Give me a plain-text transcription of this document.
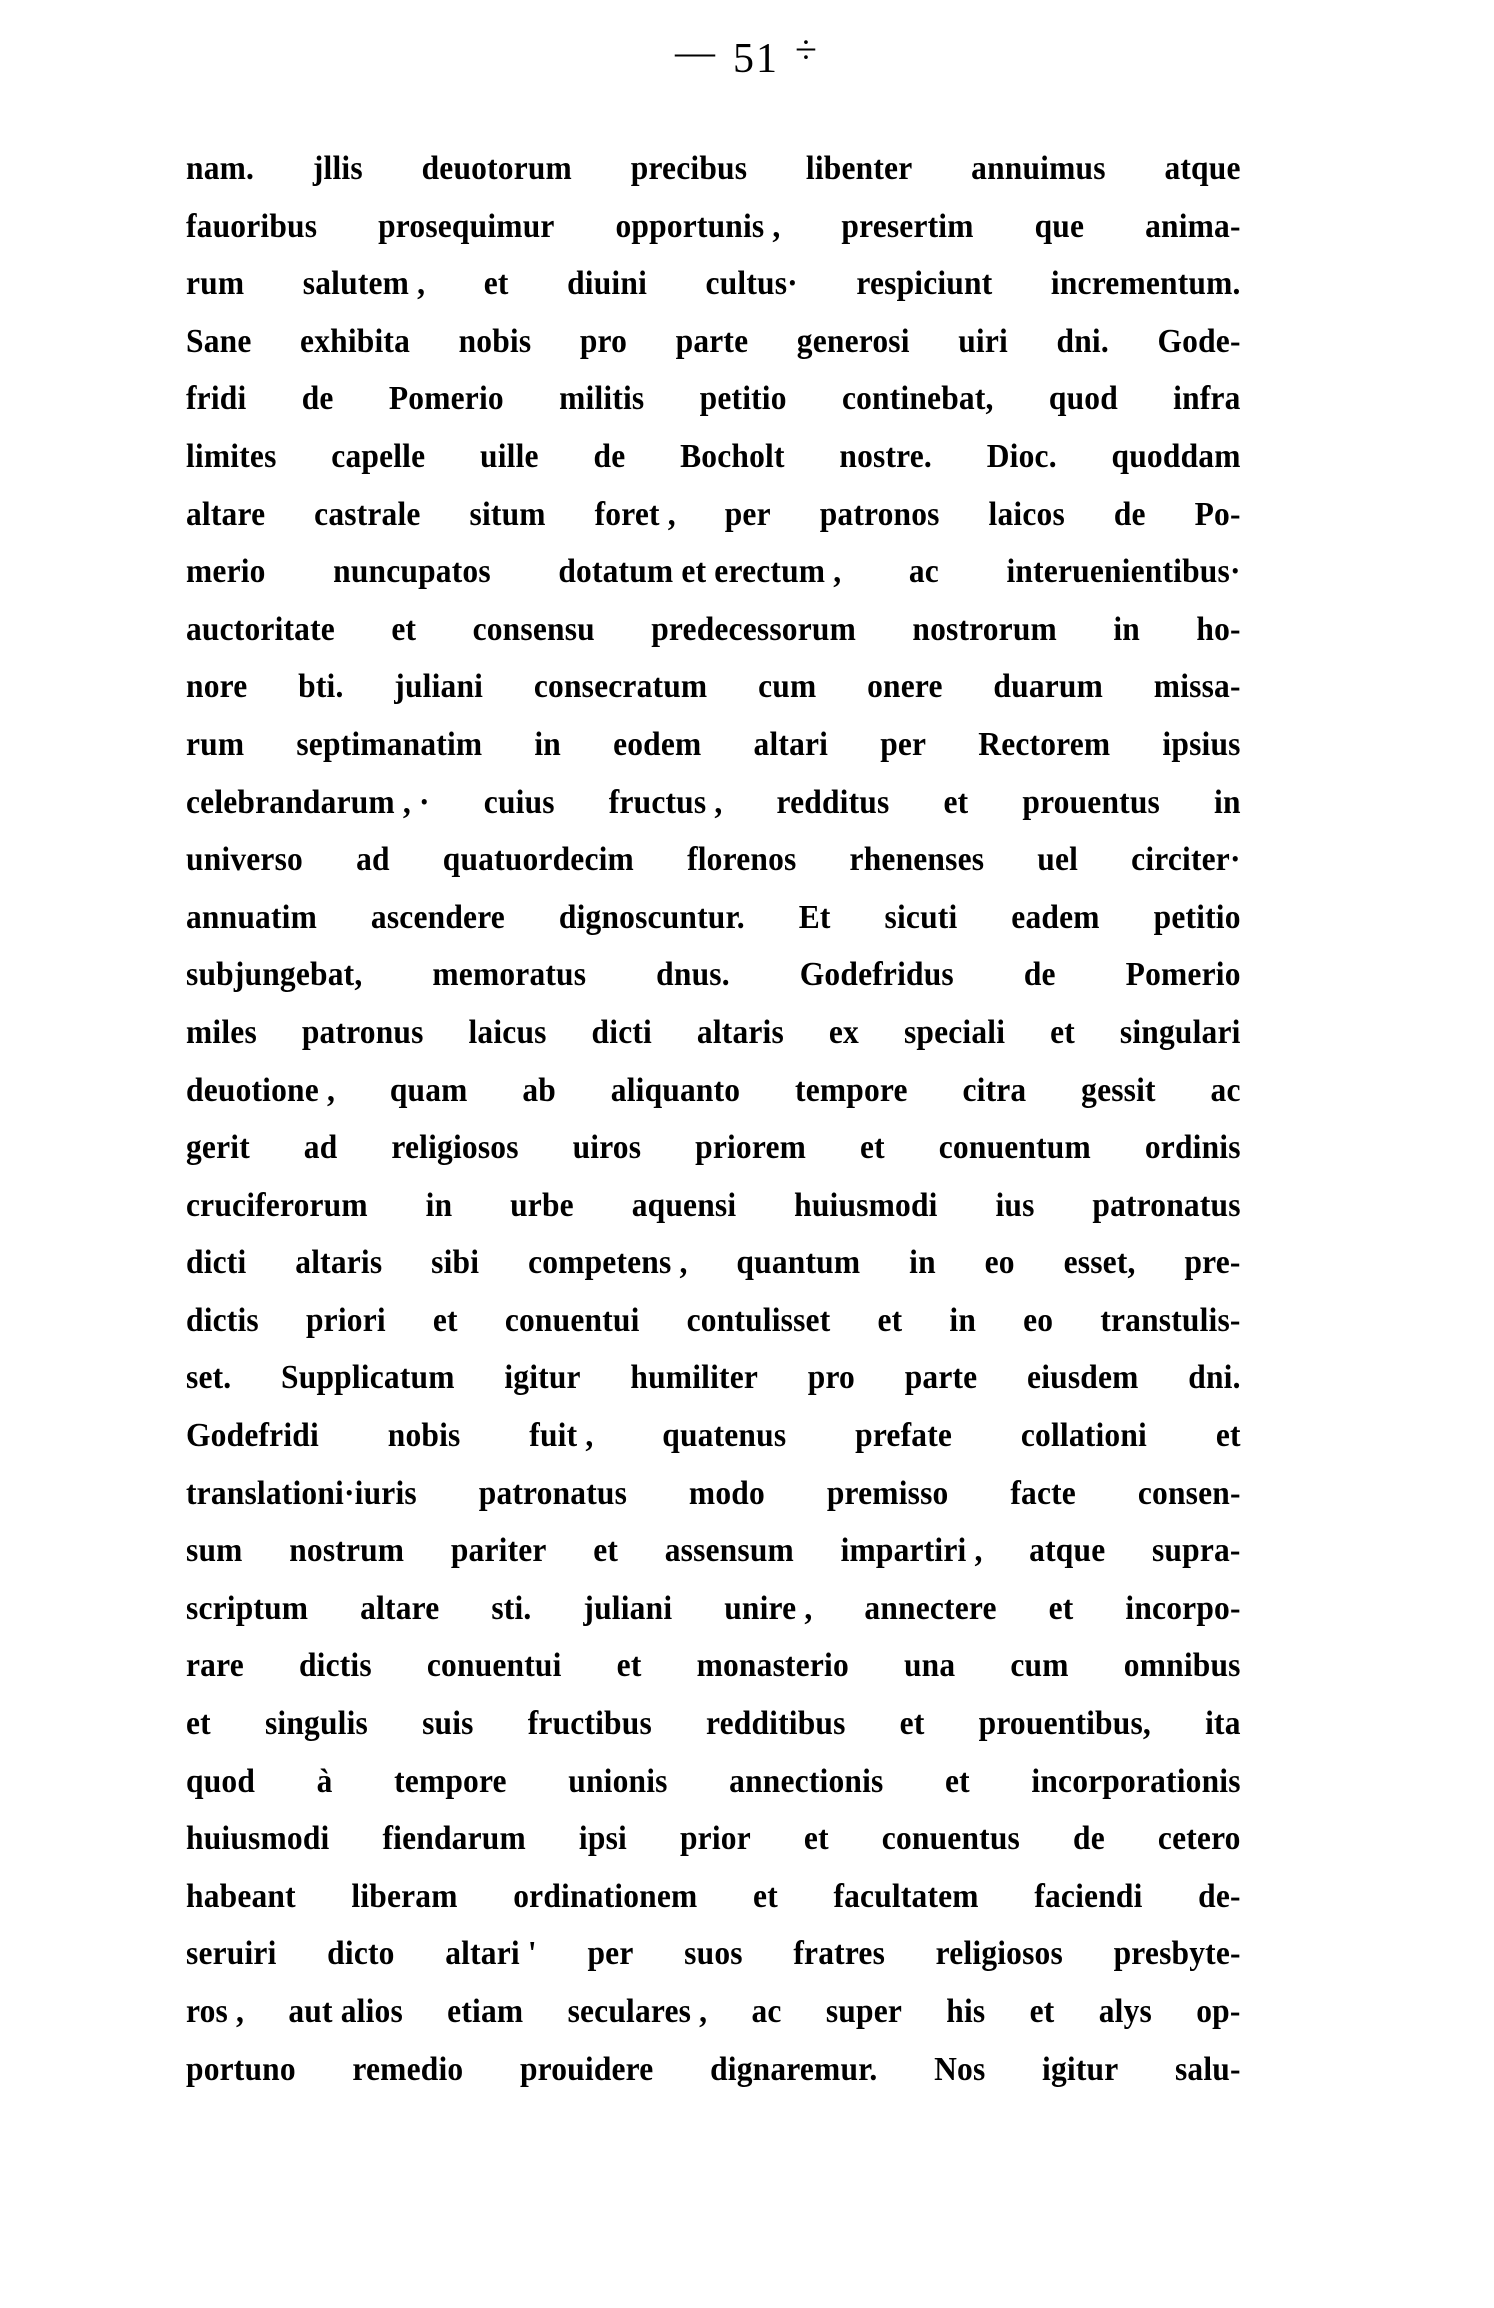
— 51 ÷
nam. jllis deuotorum precibus libenter annuimus atque
fauoribus prosequimur opportunis , presertim que anima-
rum salutem , et diuini cultus· respiciunt incrementum.
Sane exhibita nobis pro parte generosi uiri dni. Gode-
fridi de Pomerio militis petitio continebat, quod infra
limites capelle uille de Bocholt nostre. Dioc. quoddam
altare castrale situm foret , per patronos laicos de Po-
merio nuncupatos dotatum et erectum , ac interuenientibus·
auctoritate et consensu predecessorum nostrorum in ho-
nore bti. juliani consecratum cum onere duarum missa-
rum septimanatim in eodem altari per Rectorem ipsius
celebrandarum , · cuius fructus , redditus et prouentus in
universo ad quatuordecim florenos rhenenses uel circiter·
annuatim ascendere dignoscuntur. Et sicuti eadem petitio
subjungebat, memoratus dnus. Godefridus de Pomerio
miles patronus laicus dicti altaris ex speciali et singulari
deuotione , quam ab aliquanto tempore citra gessit ac
gerit ad religiosos uiros priorem et conuentum ordinis
cruciferorum in urbe aquensi huiusmodi ius patronatus
dicti altaris sibi competens , quantum in eo esset, pre-
dictis priori et conuentui contulisset et in eo transtulis-
set. Supplicatum igitur humiliter pro parte eiusdem dni.
Godefridi nobis fuit , quatenus prefate collationi et
translationi·iuris patronatus modo premisso facte consen-
sum nostrum pariter et assensum impartiri , atque supra-
scriptum altare sti. juliani unire , annectere et incorpo-
rare dictis conuentui et monasterio una cum omnibus
et singulis suis fructibus redditibus et prouentibus, ita
quod à tempore unionis annectionis et incorporationis
huiusmodi fiendarum ipsi prior et conuentus de cetero
habeant liberam ordinationem et facultatem faciendi de-
seruiri dicto altari ' per suos fratres religiosos presbyte-
ros , aut alios etiam seculares , ac super his et alys op-
portuno remedio prouidere dignaremur. Nos igitur salu-
